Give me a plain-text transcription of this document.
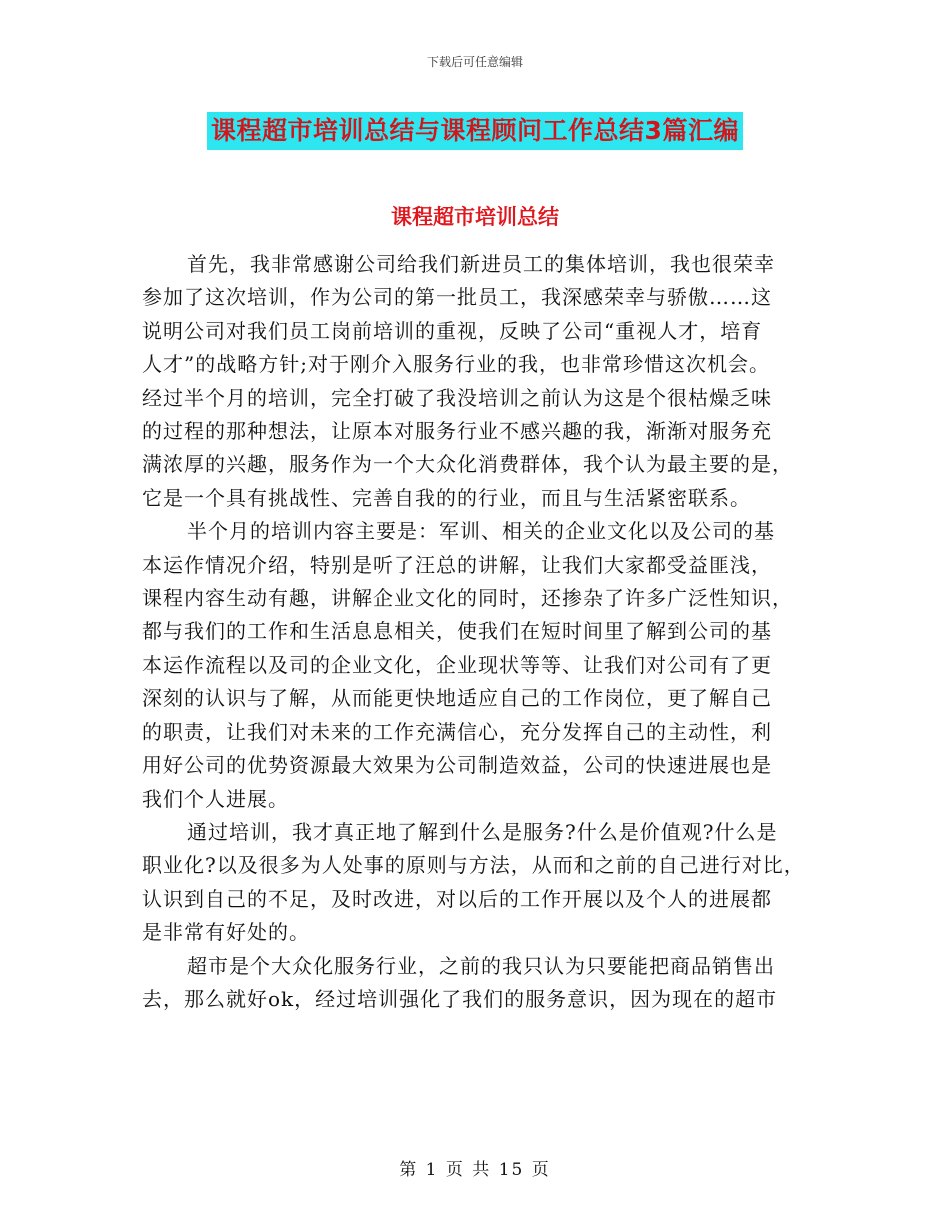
下载后可任意编辑
课程超市培训总结与课程顾问工作总结3篇汇编
课程超市培训总结

首先，我非常感谢公司给我们新进员工的集体培训，我也很荣幸
参加了这次培训，作为公司的第一批员工，我深感荣幸与骄傲……这
说明公司对我们员工岗前培训的重视，反映了公司“重视人才，培育
人才”的战略方针;对于刚介入服务行业的我，也非常珍惜这次机会。
经过半个月的培训，完全打破了我没培训之前认为这是个很枯燥乏味
的过程的那种想法，让原本对服务行业不感兴趣的我，渐渐对服务充
满浓厚的兴趣，服务作为一个大众化消费群体，我个认为最主要的是，
它是一个具有挑战性、完善自我的的行业，而且与生活紧密联系。

半个月的培训内容主要是：军训、相关的企业文化以及公司的基
本运作情况介绍，特别是听了汪总的讲解，让我们大家都受益匪浅，
课程内容生动有趣，讲解企业文化的同时，还掺杂了许多广泛性知识，
都与我们的工作和生活息息相关，使我们在短时间里了解到公司的基
本运作流程以及司的企业文化，企业现状等等、让我们对公司有了更
深刻的认识与了解，从而能更快地适应自己的工作岗位，更了解自己
的职责，让我们对未来的工作充满信心，充分发挥自己的主动性，利
用好公司的优势资源最大效果为公司制造效益，公司的快速进展也是
我们个人进展。

通过培训，我才真正地了解到什么是服务?什么是价值观?什么是
职业化?以及很多为人处事的原则与方法，从而和之前的自己进行对比，
认识到自己的不足，及时改进，对以后的工作开展以及个人的进展都
是非常有好处的。

超市是个大众化服务行业，之前的我只认为只要能把商品销售出
去，那么就好ok，经过培训强化了我们的服务意识，因为现在的超市

第 1 页 共 15 页
